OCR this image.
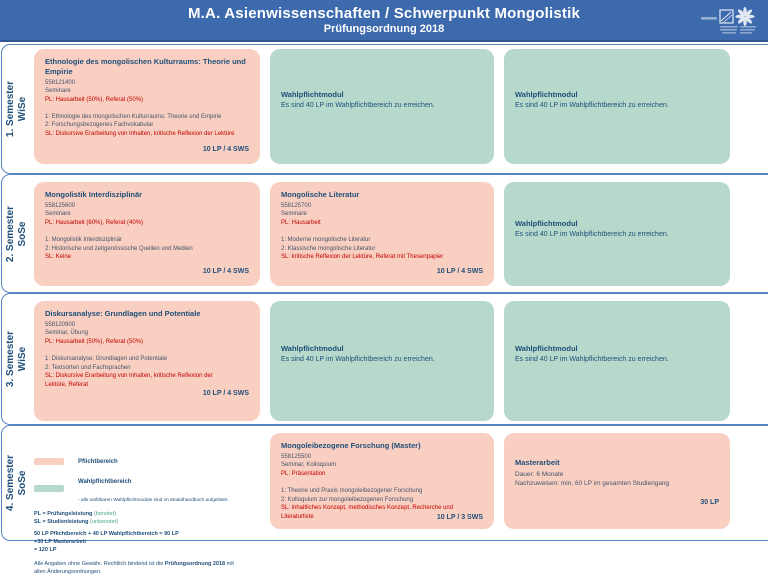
M.A. Asienwissenschaften / Schwerpunkt Mongolistik
Prüfungsordnung 2018
1. Semester WiSe
Ethnologie des mongolischen Kulturraums: Theorie und Empirie
558121400
Seminare
PL: Hausarbeit (50%), Referat (50%)
1: Ethnologie des mongolischen Kulturraums: Theorie und Empirie
2: Forschungsbezogenes Fachvokabular
SL: Diskursive Erarbeitung von Inhalten, kritische Reflexion der Lektüre
10 LP / 4 SWS
Wahlpflichtmodul
Es sind 40 LP im Wahlpflichtbereich zu erreichen.
Wahlpflichtmodul
Es sind 40 LP im Wahlpflichtbereich zu erreichen.
2. Semester SoSe
Mongolistik Interdisziplinär
558125600
Seminare
PL: Hausarbeit (60%), Referat (40%)
1: Mongolistik Interdisziplinär
2: Historische und zeitgenössische Quellen und Medien
SL: Keine
10 LP / 4 SWS
Mongolische Literatur
558125700
Seminare
PL: Hausarbeit
1: Moderne mongolische Literatur
2: Klassische mongolische Literatur
SL: kritische Reflexion der Lektüre, Referat mit Thesenpapier
10 LP / 4 SWS
Wahlpflichtmodul
Es sind 40 LP im Wahlpflichtbereich zu erreichen.
3. Semester WiSe
Diskursanalyse: Grundlagen und Potentiale
558120900
Seminar, Übung
PL: Hausarbeit (50%), Referat (50%)
1: Diskursanalyse: Grundlagen und Potentiale
2: Textsorten und Fachsprachen
SL: Diskursive Erarbeitung von Inhalten, kritische Reflexion der Lektüre, Referat
10 LP / 4 SWS
Wahlpflichtmodul
Es sind 40 LP im Wahlpflichtbereich zu erreichen.
Wahlpflichtmodul
Es sind 40 LP im Wahlpflichtbereich zu erreichen.
4. Semester SoSe
Pflichtbereich
Wahlpflichtbereich - alle wählbaren Wahlpflichtmodule sind im Modulhandbuch aufgelistet.
PL = Prüfungsleistung (benotet)
SL = Studienleistung (unbenotet)
50 LP Pflichtbereich + 40 LP Wahlpflichtbereich = 90 LP
+30 LP Masterarbeit
= 120 LP
Alle Angaben ohne Gewähr. Rechtlich bindend ist die Prüfungsordnung 2018 mit allen Änderungsordnungen.
Mongoleibezogene Forschung (Master)
558125500
Seminar, Kolloquium
PL: Präsentation
1: Theorie und Praxis mongoleibezogener Forschung
2: Kolloquium zur mongoleibezogenen Forschung
SL: inhaltliches Konzept, methodisches Konzept, Recherche und Literaturliste	10 LP / 3 SWS
Masterarbeit
Dauer: 6 Monate
Nachzuweisen: min. 60 LP im gesamten Studiengang
30 LP
